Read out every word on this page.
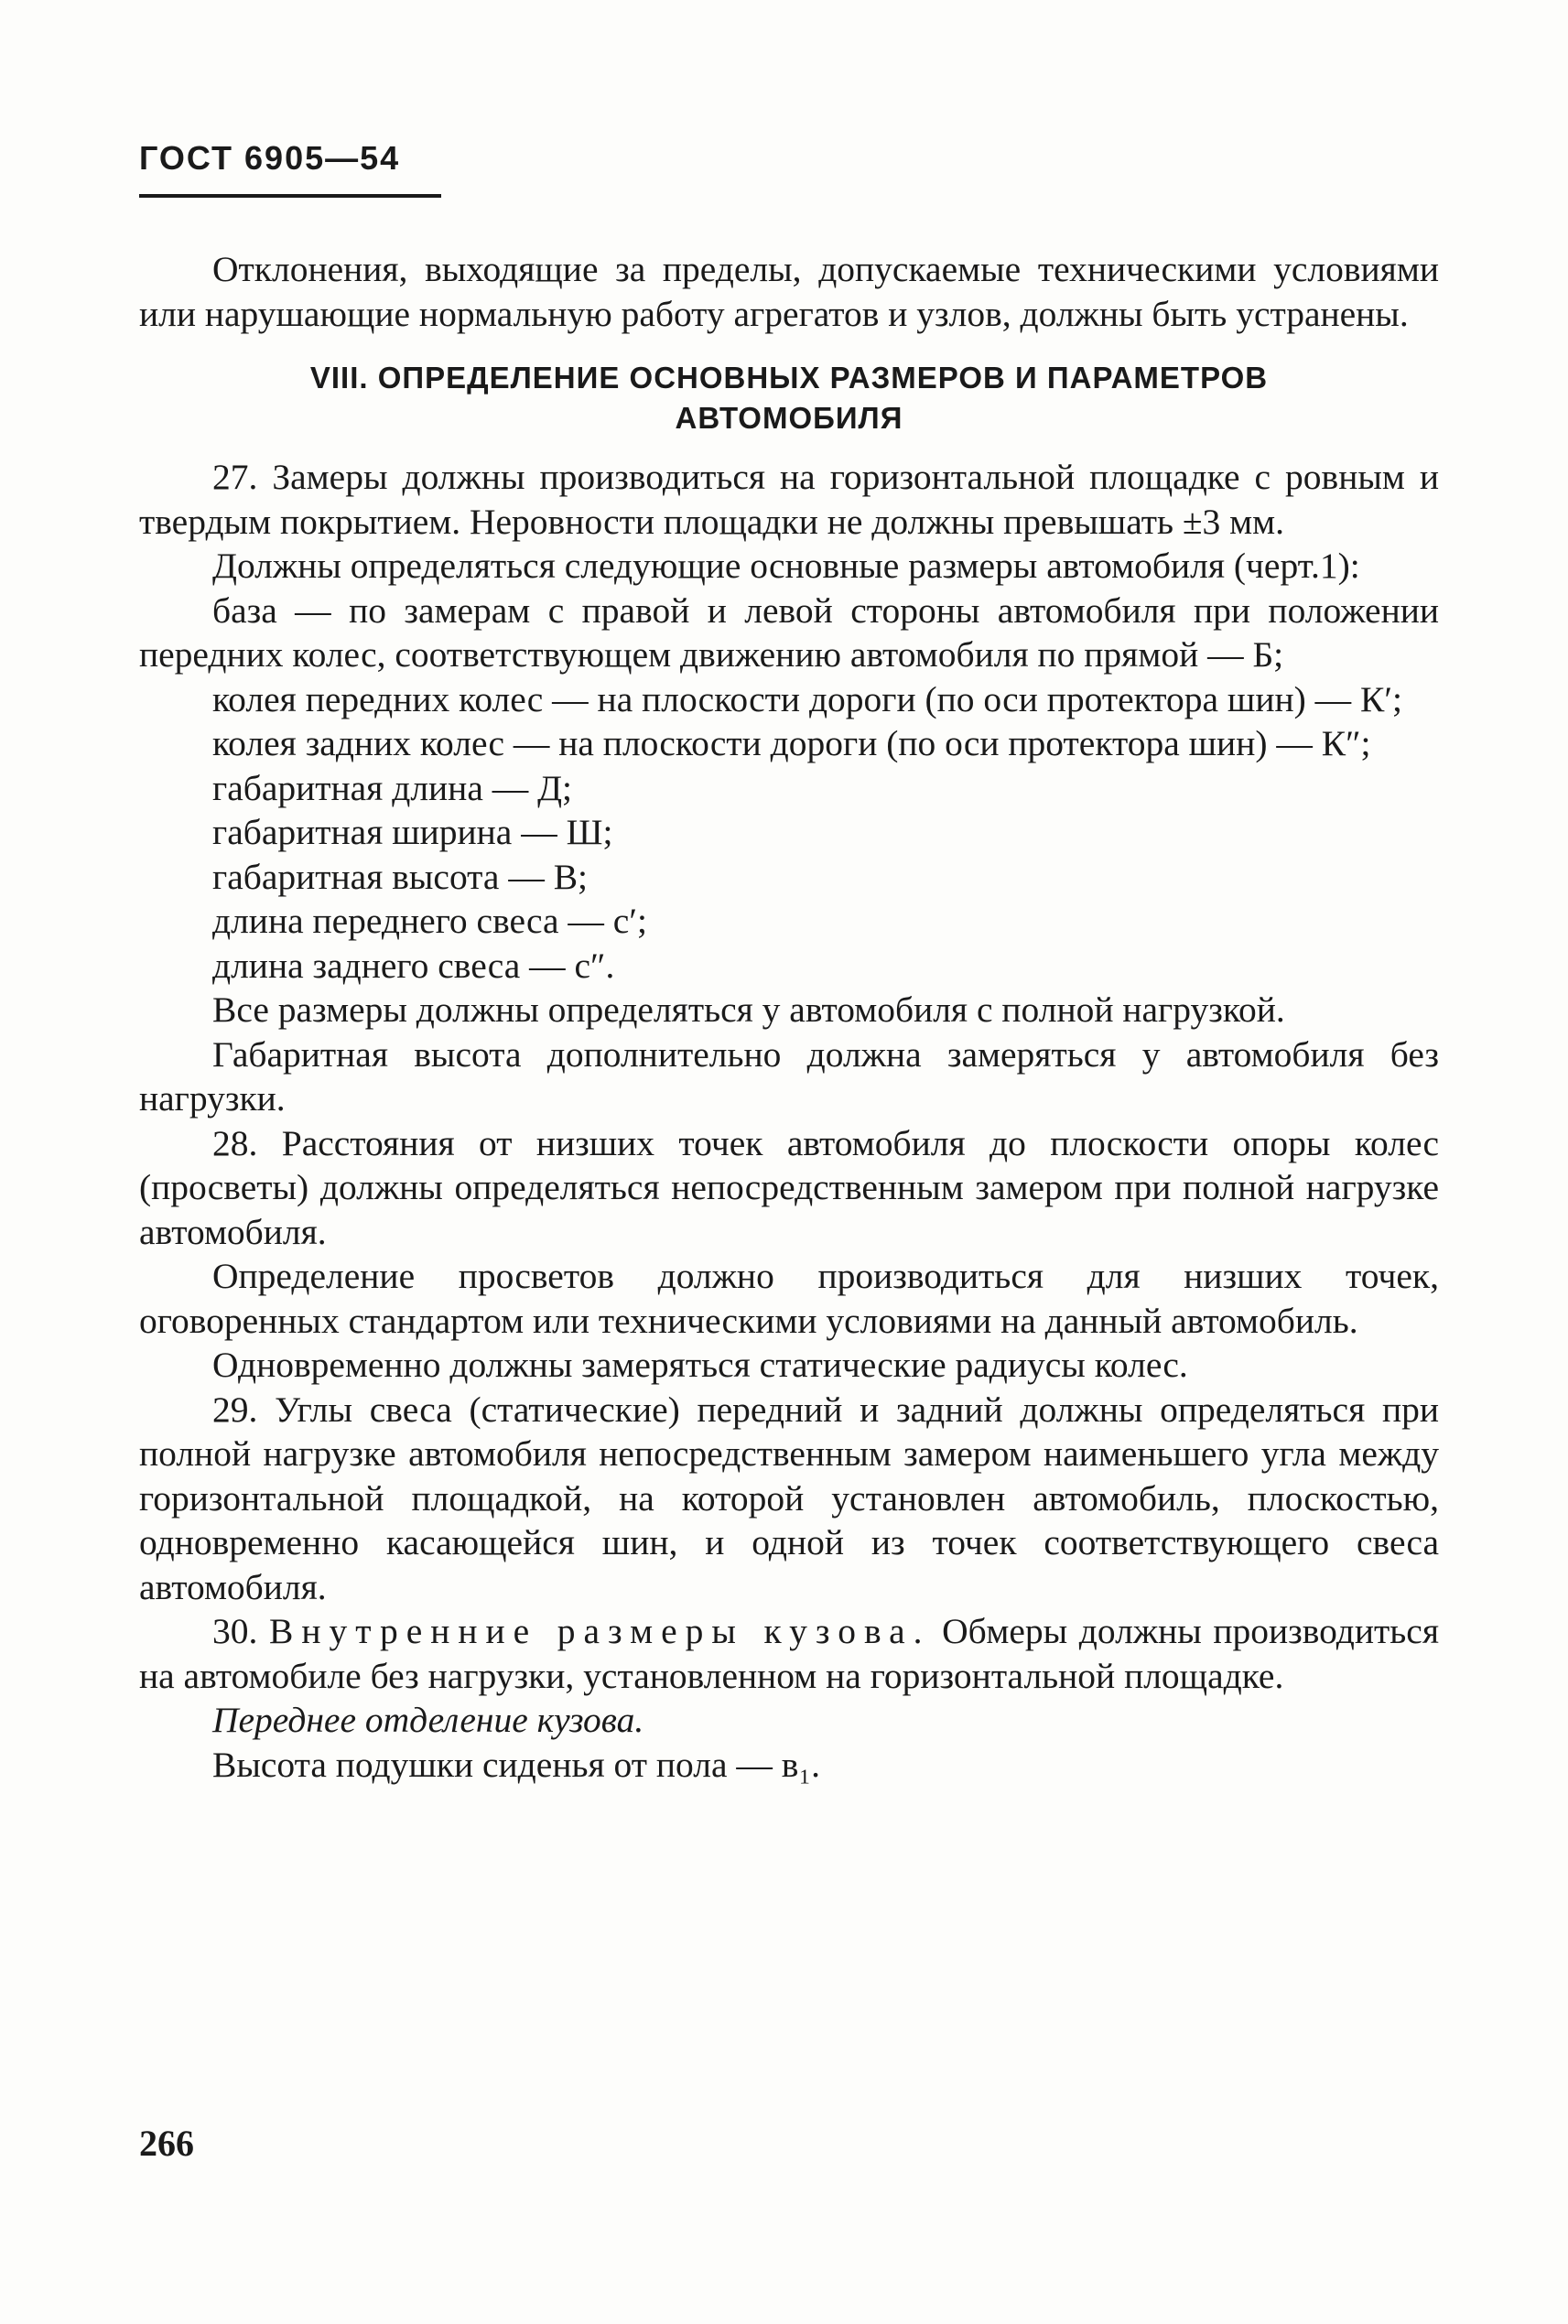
ГОСТ 6905—54

Отклонения, выходящие за пределы, допускаемые техническими условиями или нарушающие нормальную работу агрегатов и узлов, должны быть устранены.

VIII. ОПРЕДЕЛЕНИЕ ОСНОВНЫХ РАЗМЕРОВ И ПАРАМЕТРОВ
АВТОМОБИЛЯ

27. Замеры должны производиться на горизонтальной площадке с ровным и твердым покрытием. Неровности площадки не должны превышать ±3 мм.

Должны определяться следующие основные размеры автомобиля (черт.1):

база — по замерам с правой и левой стороны автомобиля при положении передних колес, соответствующем движению автомобиля по прямой — Б;

колея передних колес — на плоскости дороги (по оси протектора шин) — К′;

колея задних колес — на плоскости дороги (по оси протектора шин) — К″;

габаритная длина — Д;

габаритная ширина — Ш;

габаритная высота — В;

длина переднего свеса — c′;

длина заднего свеса — c″.

Все размеры должны определяться у автомобиля с полной нагрузкой.

Габаритная высота дополнительно должна замеряться у автомобиля без нагрузки.

28. Расстояния от низших точек автомобиля до плоскости опоры колес (просветы) должны определяться непосредственным замером при полной нагрузке автомобиля.

Определение просветов должно производиться для низших точек, оговоренных стандартом или техническими условиями на данный автомобиль.

Одновременно должны замеряться статические радиусы колес.

29. Углы свеса (статические) передний и задний должны определяться при полной нагрузке автомобиля непосредственным замером наименьшего угла между горизонтальной площадкой, на которой установлен автомобиль, плоскостью, одновременно касающейся шин, и одной из точек соответствующего свеса автомобиля.

30. Внутренние размеры кузова. Обмеры должны производиться на автомобиле без нагрузки, установленном на горизонтальной площадке.

Переднее отделение кузова.

Высота подушки сиденья от пола — в₁.

266
